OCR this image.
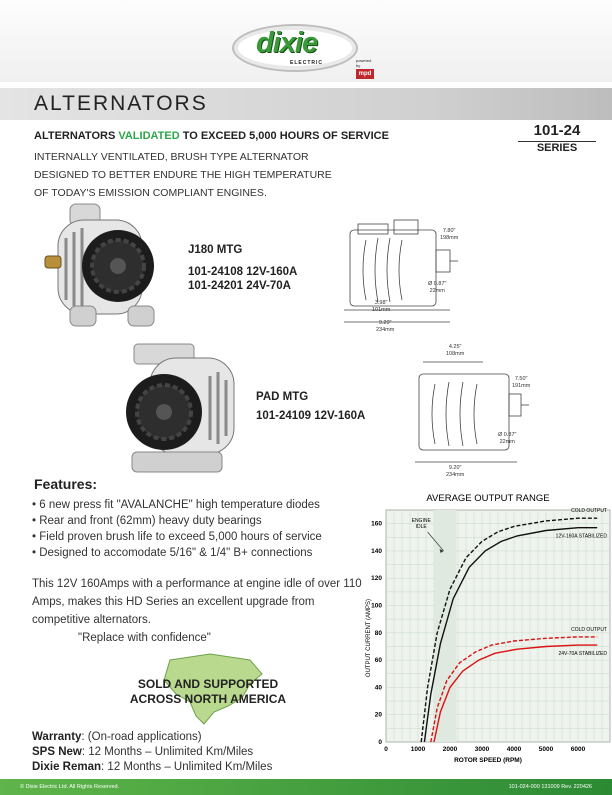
dixie
ELECTRIC	powered by
mpd
ALTERNATORS
101-24
SERIES
ALTERNATORS VALIDATED TO EXCEED 5,000 HOURS OF SERVICE
INTERNALLY VENTILATED, BRUSH TYPE ALTERNATOR
DESIGNED TO BETTER ENDURE THE HIGH TEMPERATURE
OF TODAY'S EMISSION COMPLIANT ENGINES.
J180 MTG
101-24108 12V-160A
101-24201 24V-70A
7.80"
198mm
Ø 0.87"
22mm
3.98"
101mm
9.20"
234mm
PAD MTG
101-24109 12V-160A
4.25"
108mm
7.50"
191mm
Ø 0.87"
22mm
9.20"
234mm
Features:
• 6 new press fit "AVALANCHE" high temperature diodes
• Rear and front (62mm) heavy duty bearings
• Field proven brush life to exceed 5,000 hours of service
• Designed to accomodate 5/16" & 1/4" B+ connections
This 12V 160Amps with a performance at engine idle of over 110 Amps, makes this HD Series an excellent upgrade from competitive alternators.
"Replace with confidence"
SOLD AND SUPPORTED
ACROSS NORTH AMERICA
Warranty: (On-road applications)
SPS New: 12 Months – Unlimited Km/Miles
Dixie Reman: 12 Months – Unlimited Km/Miles
AVERAGE OUTPUT RANGE
0	1000	2000	3000	4000	5000	6000
0
20
40
60
80
100
120
140
160
COLD OUTPUT
12V-160A STABILIZED
COLD OUTPUT
24V-70A STABILIZED
ENGINE
IDLE
ROTOR SPEED (RPM)
OUTPUT CURRENT (AMPS)
© Dixie Electric Ltd. All Rights Reserved.	101-024-000 131009 Rev. 220426
